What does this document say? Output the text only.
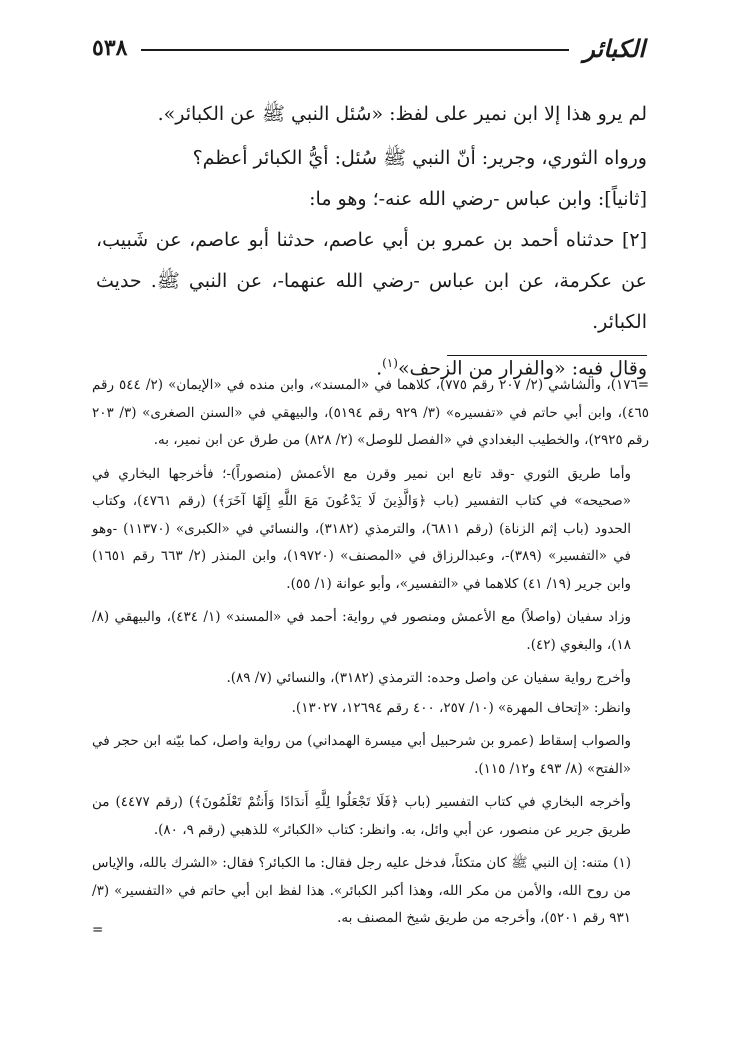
٥٣٨	الكبائر

لم يرو هذا إلا ابن نمير على لفظ: «سُئل النبي ﷺ عن الكبائر».

ورواه الثوري، وجرير: أنّ النبي ﷺ سُئل: أيُّ الكبائر أعظم؟

[ثانياً]: وابن عباس -رضي الله عنه-؛ وهو ما:

[٢] حدثناه أحمد بن عمرو بن أبي عاصم، حدثنا أبو عاصم، عن شَبيب، عن عكرمة، عن ابن عباس -رضي الله عنهما-، عن النبي ﷺ. حديث الكبائر.

وقال فيه: «والفرار من الزحف»$^{(١)}$.

=١٧٦)، والشاشي (٢/ ٢٠٧ رقم ٧٧٥)، كلاهما في «المسند»، وابن منده في «الإيمان» (٢/ ٥٤٤ رقم ٤٦٥)، وابن أبي حاتم في «تفسيره» (٣/ ٩٢٩ رقم ٥١٩٤)، والبيهقي في «السنن الصغرى» (٣/ ٢٠٣ رقم ٢٩٢٥)، والخطيب البغدادي في «الفصل للوصل» (٢/ ٨٢٨) من طرق عن ابن نمير، به.

وأما طريق الثوري -وقد تابع ابن نمير وقرن مع الأعمش (منصوراً)-؛ فأخرجها البخاري في «صحيحه» في كتاب التفسير (باب ﴿وَالَّذِينَ لَا يَدْعُونَ مَعَ اللَّهِ إِلَهًا آخَرَ﴾) (رقم ٤٧٦١)، وكتاب الحدود (باب إثم الزناة) (رقم ٦٨١١)، والترمذي (٣١٨٢)، والنسائي في «الكبرى» (١١٣٧٠) -وهو في «التفسير» (٣٨٩)-، وعبدالرزاق في «المصنف» (١٩٧٢٠)، وابن المنذر (٢/ ٦٦٣ رقم ١٦٥١) وابن جرير (١٩/ ٤١) كلاهما في «التفسير»، وأبو عوانة (١/ ٥٥).

وزاد سفيان (واصلاً) مع الأعمش ومنصور في رواية: أحمد في «المسند» (١/ ٤٣٤)، والبيهقي (٨/ ١٨)، والبغوي (٤٢).

وأخرج رواية سفيان عن واصل وحده: الترمذي (٣١٨٢)، والنسائي (٧/ ٨٩).

وانظر: «إتحاف المهرة» (١٠/ ٢٥٧، ٤٠٠ رقم ١٢٦٩٤، ١٣٠٢٧).

والصواب إسقاط (عمرو بن شرحبيل أبي ميسرة الهمداني) من رواية واصل، كما بيّنه ابن حجر في «الفتح» (٨/ ٤٩٣ و١٢/ ١١٥).

وأخرجه البخاري في كتاب التفسير (باب ﴿فَلَا تَجْعَلُوا لِلَّهِ أَندَادًا وَأَنتُمْ تَعْلَمُونَ﴾) (رقم ٤٤٧٧) من طريق جرير عن منصور، عن أبي وائل، به. وانظر: كتاب «الكبائر» للذهبي (رقم ٩، ٨٠).

(١) متنه: إن النبي ﷺ كان متكئاً، فدخل عليه رجل فقال: ما الكبائر؟ فقال: «الشرك بالله، والإياس من روح الله، والأمن من مكر الله، وهذا أكبر الكبائر». هذا لفظ ابن أبي حاتم في «التفسير» (٣/ ٩٣١ رقم ٥٢٠١)، وأخرجه من طريق شيخ المصنف به.

=
